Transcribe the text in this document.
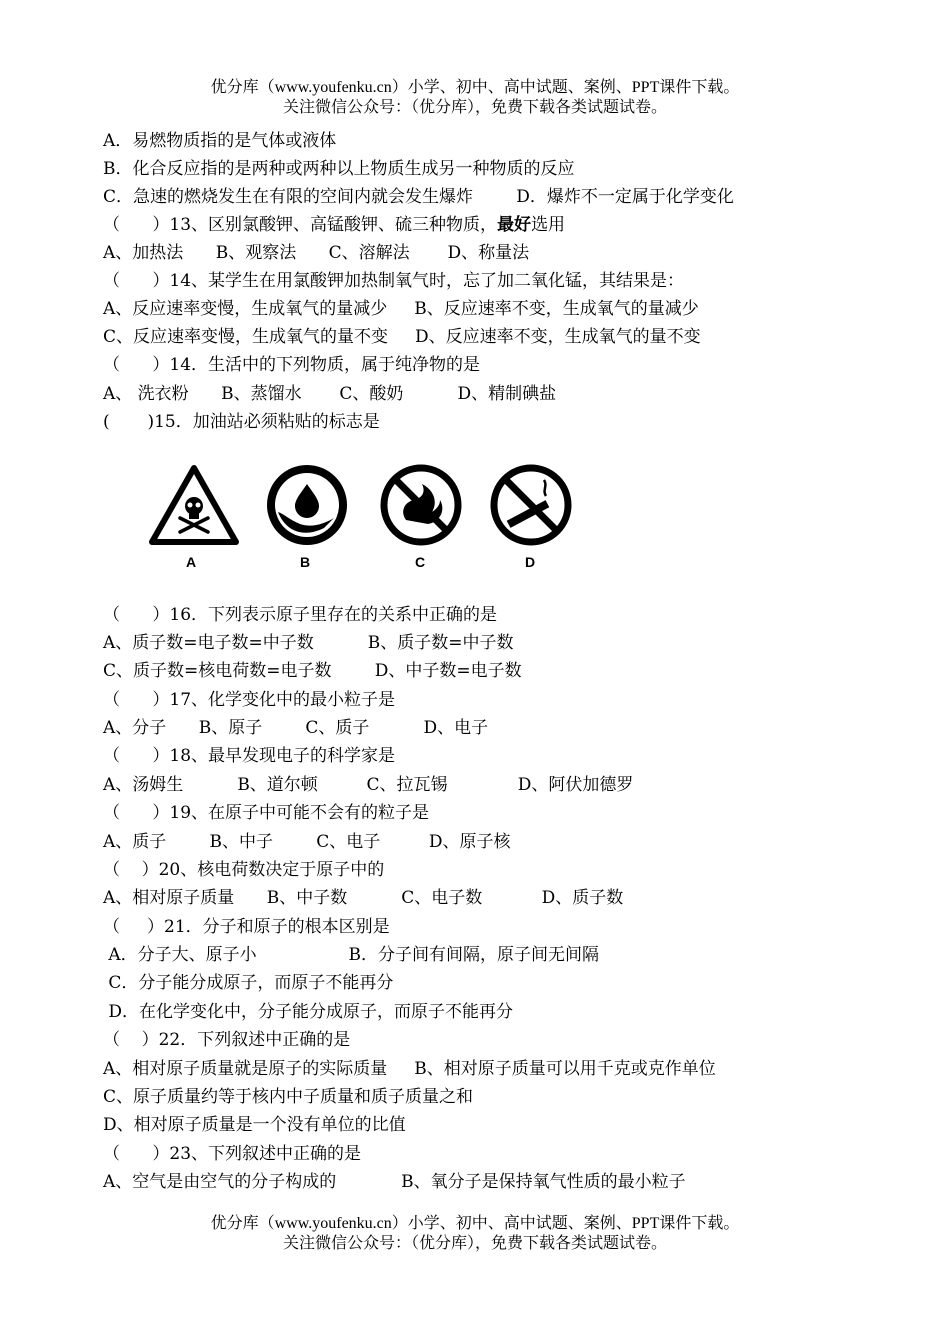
优分库（www.youfenku.cn）小学、初中、高中试题、案例、PPT课件下载。
关注微信公众号：（优分库），免费下载各类试题试卷。
A．易燃物质指的是气体或液体
B．化合反应指的是两种或两种以上物质生成另一种物质的反应
C．急速的燃烧发生在有限的空间内就会发生爆炸        D．爆炸不一定属于化学变化
（      ）13、区别氯酸钾、高锰酸钾、硫三种物质，最好选用
A、加热法      B、观察法      C、溶解法       D、称量法
（      ）14、某学生在用氯酸钾加热制氧气时，忘了加二氧化锰，其结果是：
A、反应速率变慢，生成氧气的量减少     B、反应速率不变，生成氧气的量减少
C、反应速率变慢，生成氧气的量不变     D、反应速率不变，生成氧气的量不变
（      ）14．生活中的下列物质，属于纯净物的是
A、 洗衣粉      B、蒸馏水       C、酸奶          D、精制碘盐
(       )15．加油站必须粘贴的标志是
（      ）16．下列表示原子里存在的关系中正确的是
A、质子数=电子数=中子数          B、质子数=中子数
C、质子数=核电荷数=电子数        D、中子数=电子数
（      ）17、化学变化中的最小粒子是
A、分子      B、原子        C、质子          D、电子
（      ）18、最早发现电子的科学家是
A、汤姆生          B、道尔顿         C、拉瓦锡             D、阿伏加德罗
（      ）19、在原子中可能不会有的粒子是
A、质子        B、中子        C、电子         D、原子核
（    ）20、核电荷数决定于原子中的
A、相对原子质量      B、中子数          C、电子数           D、质子数
（     ）21．分子和原子的根本区别是
A．分子大、原子小                 B．分子间有间隔，原子间无间隔
C．分子能分成原子，而原子不能再分
D．在化学变化中，分子能分成原子，而原子不能再分
（    ）22．下列叙述中正确的是
A、相对原子质量就是原子的实际质量     B、相对原子质量可以用千克或克作单位
C、原子质量约等于核内中子质量和质子质量之和
D、相对原子质量是一个没有单位的比值
（      ）23、下列叙述中正确的是
A、空气是由空气的分子构成的            B、氧分子是保持氧气性质的最小粒子
A	B	C	D
优分库（www.youfenku.cn）小学、初中、高中试题、案例、PPT课件下载。
关注微信公众号：（优分库），免费下载各类试题试卷。
